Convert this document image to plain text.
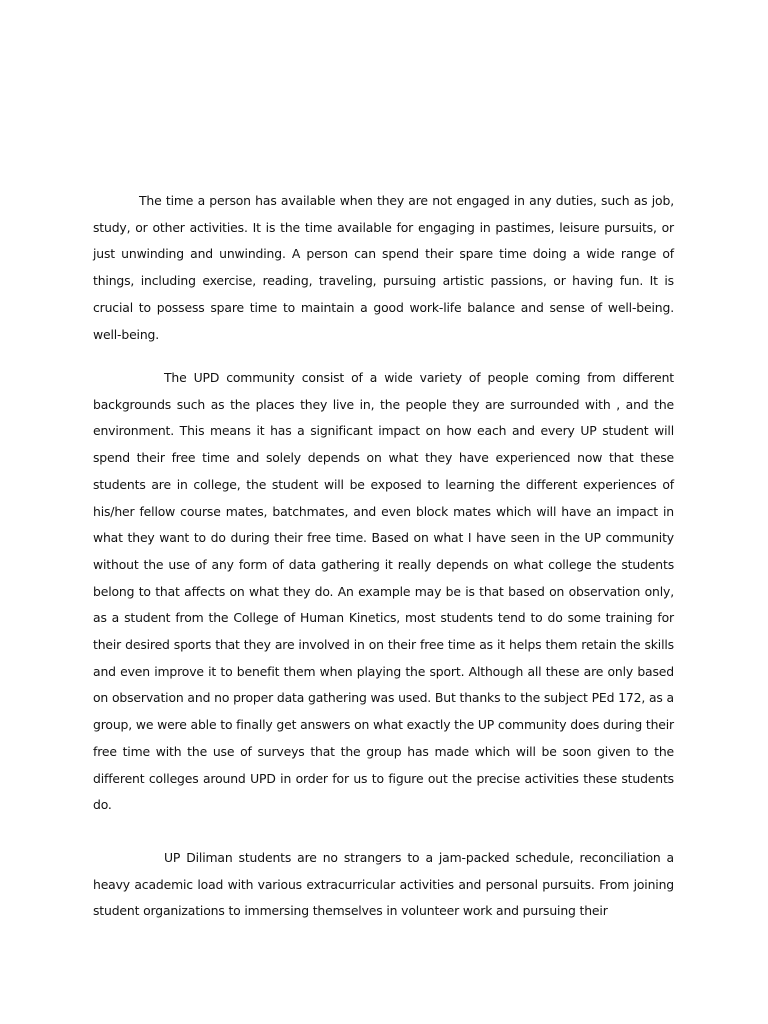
The time a person has available when they are not engaged in any duties, such as job, study, or other activities. It is the time available for engaging in pastimes, leisure pursuits, or just unwinding and unwinding. A person can spend their spare time doing a wide range of things, including exercise, reading, traveling, pursuing artistic passions, or having fun. It is crucial to possess spare time to maintain a good work-life balance and sense of well-being. well-being.

The UPD community consist of a wide variety of people coming from different backgrounds such as the places they live in, the people they are surrounded with , and the environment. This means it has a significant impact on how each and every UP student will spend their free time and solely depends on what they have experienced now that these students are in college, the student will be exposed to learning the different experiences of his/her fellow course mates, batchmates, and even block mates which will have an impact in what they want to do during their free time. Based on what I have seen in the UP community without the use of any form of data gathering it really depends on what college the students belong to that affects on what they do. An example may be is that based on observation only, as a student from the College of Human Kinetics, most students tend to do some training for their desired sports that they are involved in on their free time as it helps them retain the skills and even improve it to benefit them when playing the sport. Although all these are only based on observation and no proper data gathering was used. But thanks to the subject PEd 172, as a group, we were able to finally get answers on what exactly the UP community does during their free time with the use of surveys that the group has made which will be soon given to the different colleges around UPD in order for us to figure out the precise activities these students do.

UP Diliman students are no strangers to a jam-packed schedule, reconciliation a heavy academic load with various extracurricular activities and personal pursuits. From joining student organizations to immersing themselves in volunteer work and pursuing their
